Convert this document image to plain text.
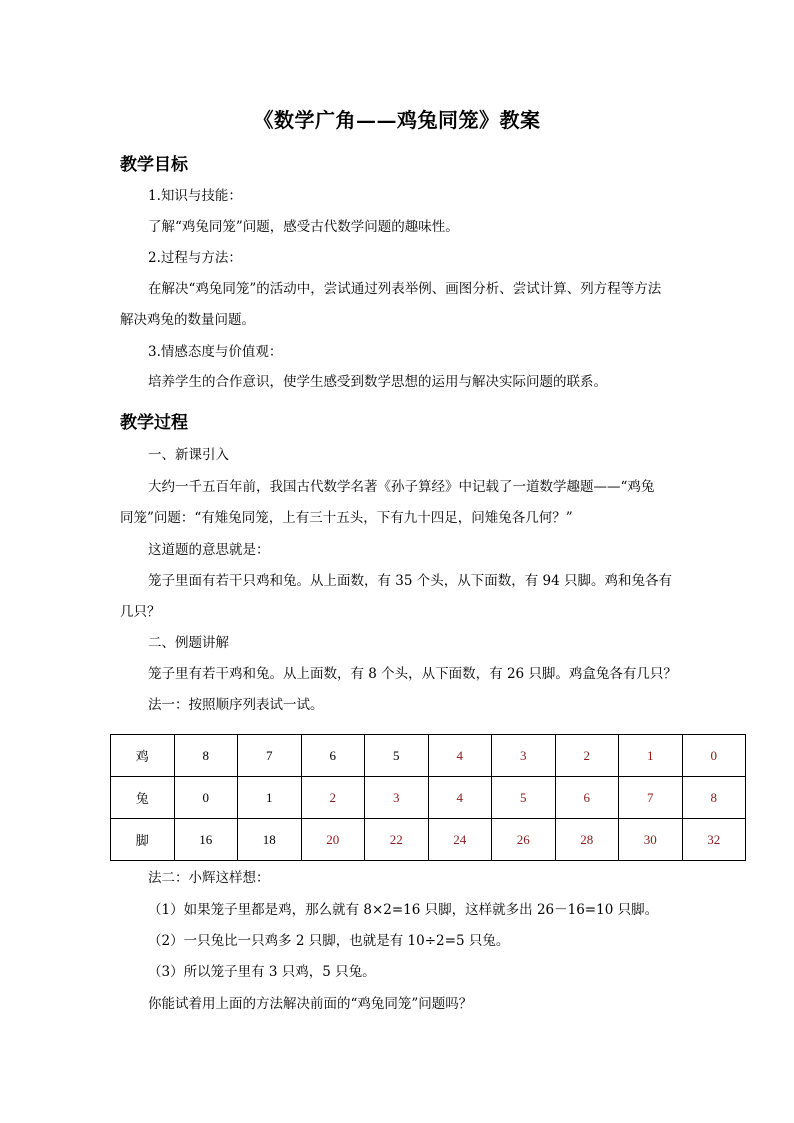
《数学广角——鸡兔同笼》教案
教学目标
1.知识与技能：
了解“鸡兔同笼”问题，感受古代数学问题的趣味性。
2.过程与方法：
在解决“鸡兔同笼”的活动中，尝试通过列表举例、画图分析、尝试计算、列方程等方法
解决鸡兔的数量问题。
3.情感态度与价值观：
培养学生的合作意识，使学生感受到数学思想的运用与解决实际问题的联系。
教学过程
一、新课引入
大约一千五百年前，我国古代数学名著《孙子算经》中记载了一道数学趣题——“鸡兔
同笼”问题：“有雉兔同笼，上有三十五头，下有九十四足，问雉兔各几何？”
这道题的意思就是：
笼子里面有若干只鸡和兔。从上面数，有 35 个头，从下面数，有 94 只脚。鸡和兔各有
几只？
二、例题讲解
笼子里有若干鸡和兔。从上面数，有 8 个头，从下面数，有 26 只脚。鸡盒兔各有几只？
法一：按照顺序列表试一试。
鸡	8	7	6	5	4	3	2	1	0
兔	0	1	2	3	4	5	6	7	8
脚	16	18	20	22	24	26	28	30	32
法二：小辉这样想：
（1）如果笼子里都是鸡，那么就有 8×2=16 只脚，这样就多出 26－16=10 只脚。
（2）一只兔比一只鸡多 2 只脚，也就是有 10÷2=5 只兔。
（3）所以笼子里有 3 只鸡，5 只兔。
你能试着用上面的方法解决前面的“鸡兔同笼”问题吗？
